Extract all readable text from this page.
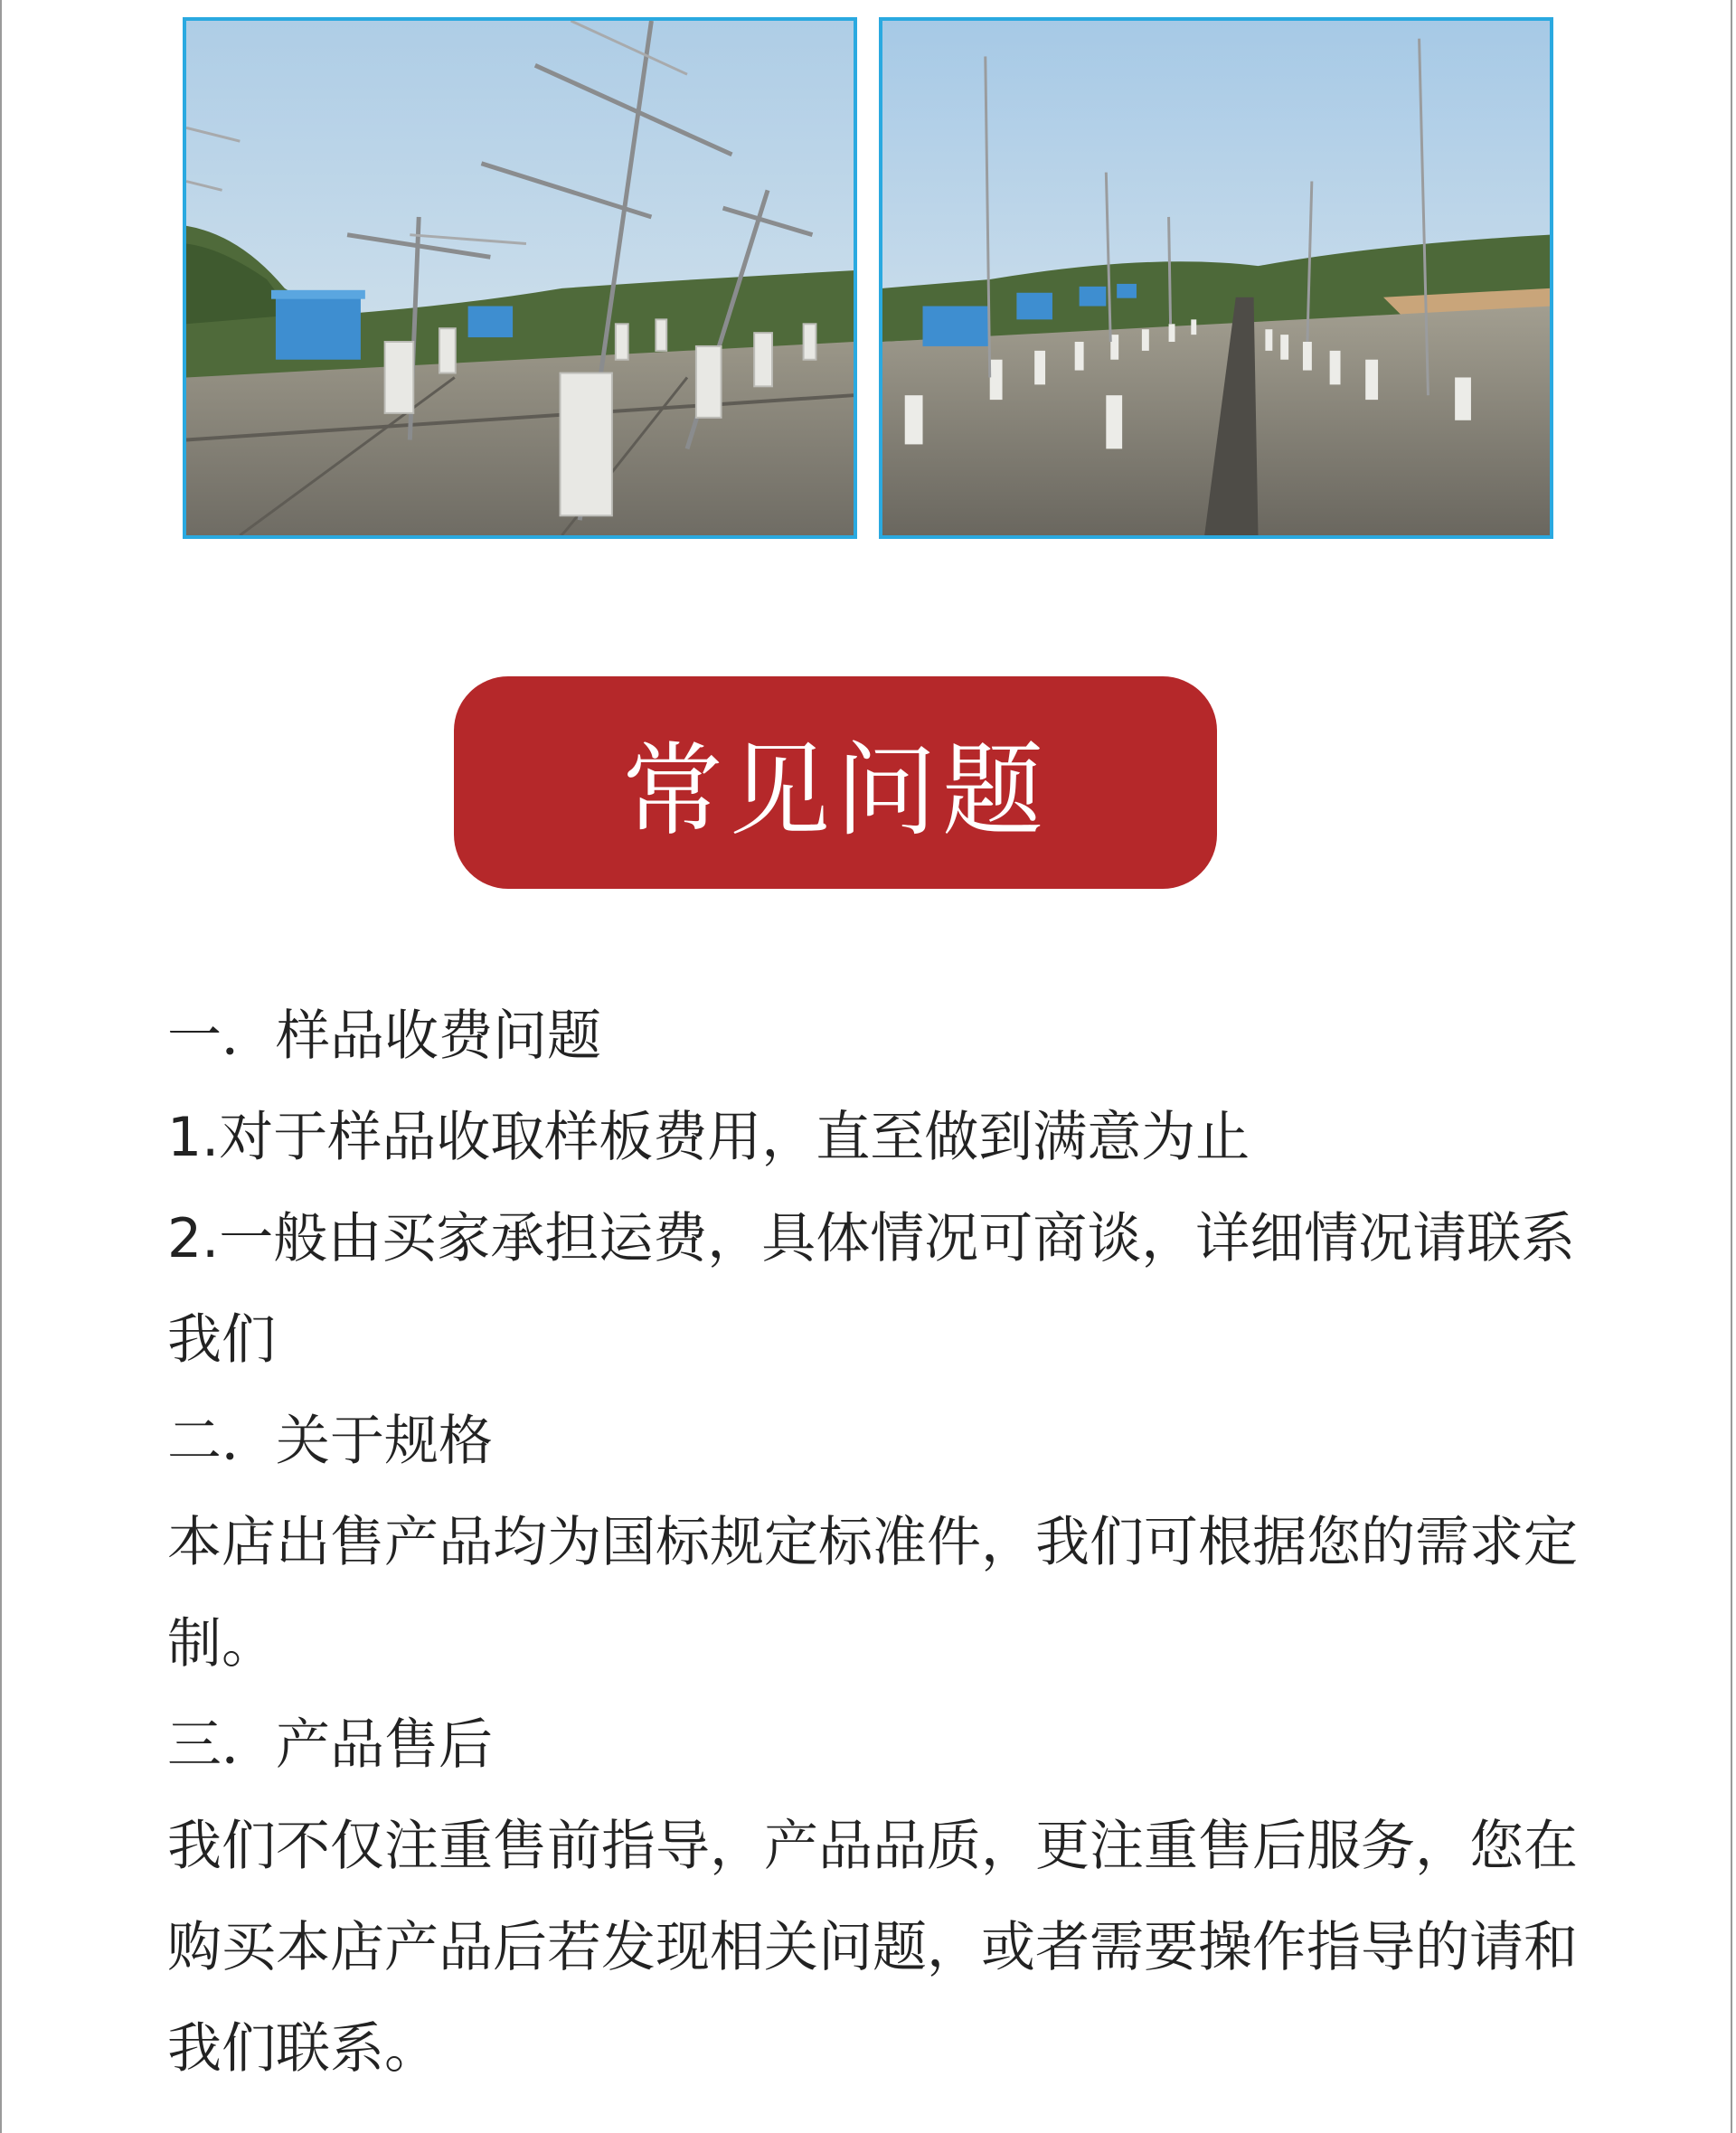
常见问题

一．样品收费问题

1.对于样品收取样板费用，直至做到满意为止

2.一般由买家承担运费，具体情况可商谈，详细情况请联系我们

二．关于规格

本店出售产品均为国标规定标准件，我们可根据您的需求定制。

三．产品售后

我们不仅注重售前指导，产品品质，更注重售后服务，您在购买本店产品后若发现相关问题，或者需要操作指导的请和我们联系。
